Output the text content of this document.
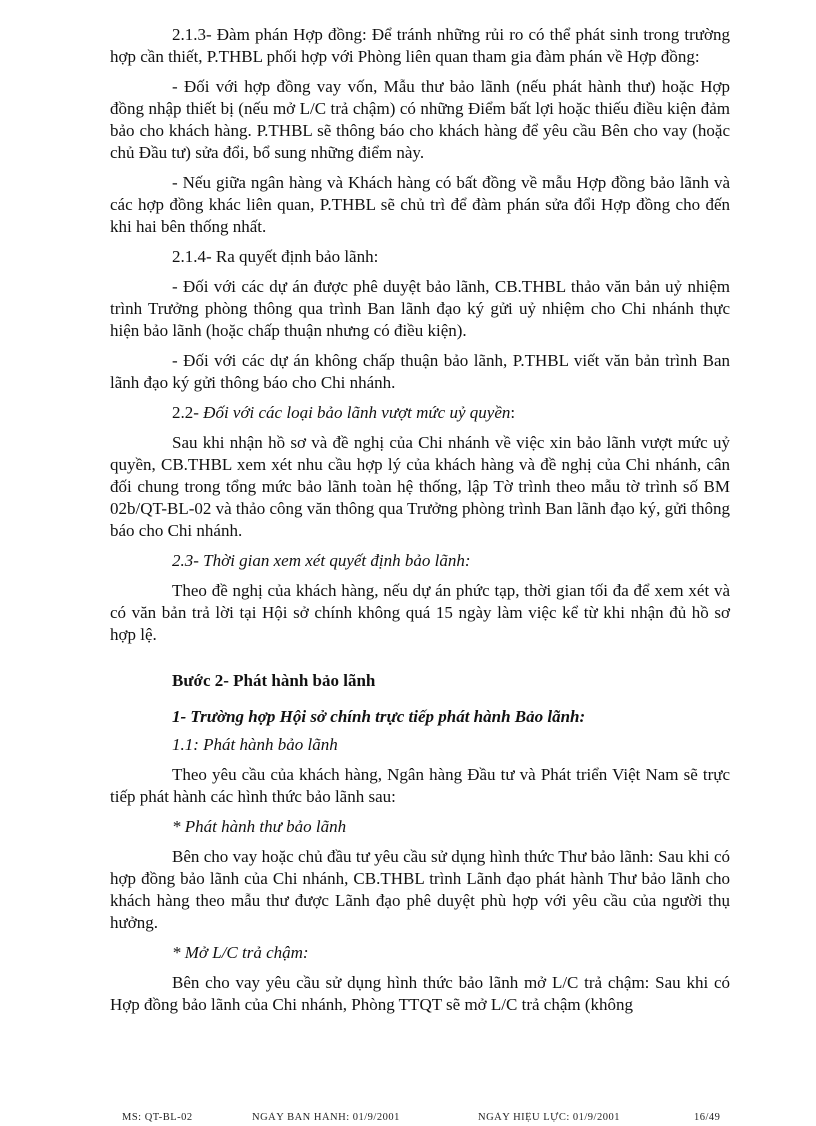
2.1.3- Đàm phán Hợp đồng: Để tránh những rủi ro có thể phát sinh trong trường hợp cần thiết, P.THBL phối hợp với Phòng liên quan tham gia đàm phán về Hợp đồng:

- Đối với hợp đồng vay vốn, Mẫu thư bảo lãnh (nếu phát hành thư) hoặc Hợp đồng nhập thiết bị (nếu mở L/C trả chậm) có những Điểm bất lợi hoặc thiếu điều kiện đảm bảo cho khách hàng. P.THBL sẽ thông báo cho khách hàng để yêu cầu Bên cho vay (hoặc chủ Đầu tư) sửa đổi, bổ sung những điểm này.

- Nếu giữa ngân hàng và Khách hàng có bất đồng về mẫu Hợp đồng bảo lãnh và các hợp đồng khác liên quan, P.THBL sẽ chủ trì để đàm phán sửa đổi Hợp đồng cho đến khi hai bên thống nhất.

2.1.4- Ra quyết định bảo lãnh:

- Đối với các dự án được phê duyệt bảo lãnh, CB.THBL thảo văn bản uỷ nhiệm trình Trưởng phòng thông qua trình Ban lãnh đạo ký gửi uỷ nhiệm cho Chi nhánh thực hiện bảo lãnh (hoặc chấp thuận nhưng có điều kiện).

- Đối với các dự án không chấp thuận bảo lãnh, P.THBL viết văn bản trình Ban lãnh đạo ký gửi thông báo cho Chi nhánh.

2.2- Đối với các loại bảo lãnh vượt mức uỷ quyền:

Sau khi nhận hồ sơ và đề nghị của Chi nhánh về việc xin bảo lãnh vượt mức uỷ quyền, CB.THBL xem xét nhu cầu hợp lý của khách hàng và đề nghị của Chi nhánh, cân đối chung trong tổng mức bảo lãnh toàn hệ thống, lập Tờ trình theo mẫu tờ trình số BM 02b/QT-BL-02 và thảo công văn thông qua Trưởng phòng trình Ban lãnh đạo ký, gửi thông báo cho Chi nhánh.

2.3- Thời gian xem xét quyết định bảo lãnh:

Theo đề nghị của khách hàng, nếu dự án phức tạp, thời gian tối đa để xem xét và có văn bản trả lời tại Hội sở chính không quá 15 ngày làm việc kể từ khi nhận đủ hồ sơ hợp lệ.

Bước 2- Phát hành bảo lãnh

1- Trường hợp Hội sở chính trực tiếp phát hành Bảo lãnh:

1.1: Phát hành bảo lãnh

Theo yêu cầu của khách hàng, Ngân hàng Đầu tư và Phát triển Việt Nam sẽ trực tiếp phát hành các hình thức bảo lãnh sau:

* Phát hành thư bảo lãnh

Bên cho vay hoặc chủ đầu tư yêu cầu sử dụng hình thức Thư bảo lãnh: Sau khi có hợp đồng bảo lãnh của Chi nhánh, CB.THBL trình Lãnh đạo phát hành Thư bảo lãnh cho khách hàng theo mẫu thư được Lãnh đạo phê duyệt phù hợp với yêu cầu của người thụ hưởng.

* Mở L/C trả chậm:

Bên cho vay yêu cầu sử dụng hình thức bảo lãnh mở L/C trả chậm: Sau khi có Hợp đồng bảo lãnh của Chi nhánh, Phòng TTQT sẽ mở L/C trả chậm (không

MS: QT-BL-02	NGÀY BAN HÀNH: 01/9/2001	NGÀY HIỆU LỰC: 01/9/2001	16/49
